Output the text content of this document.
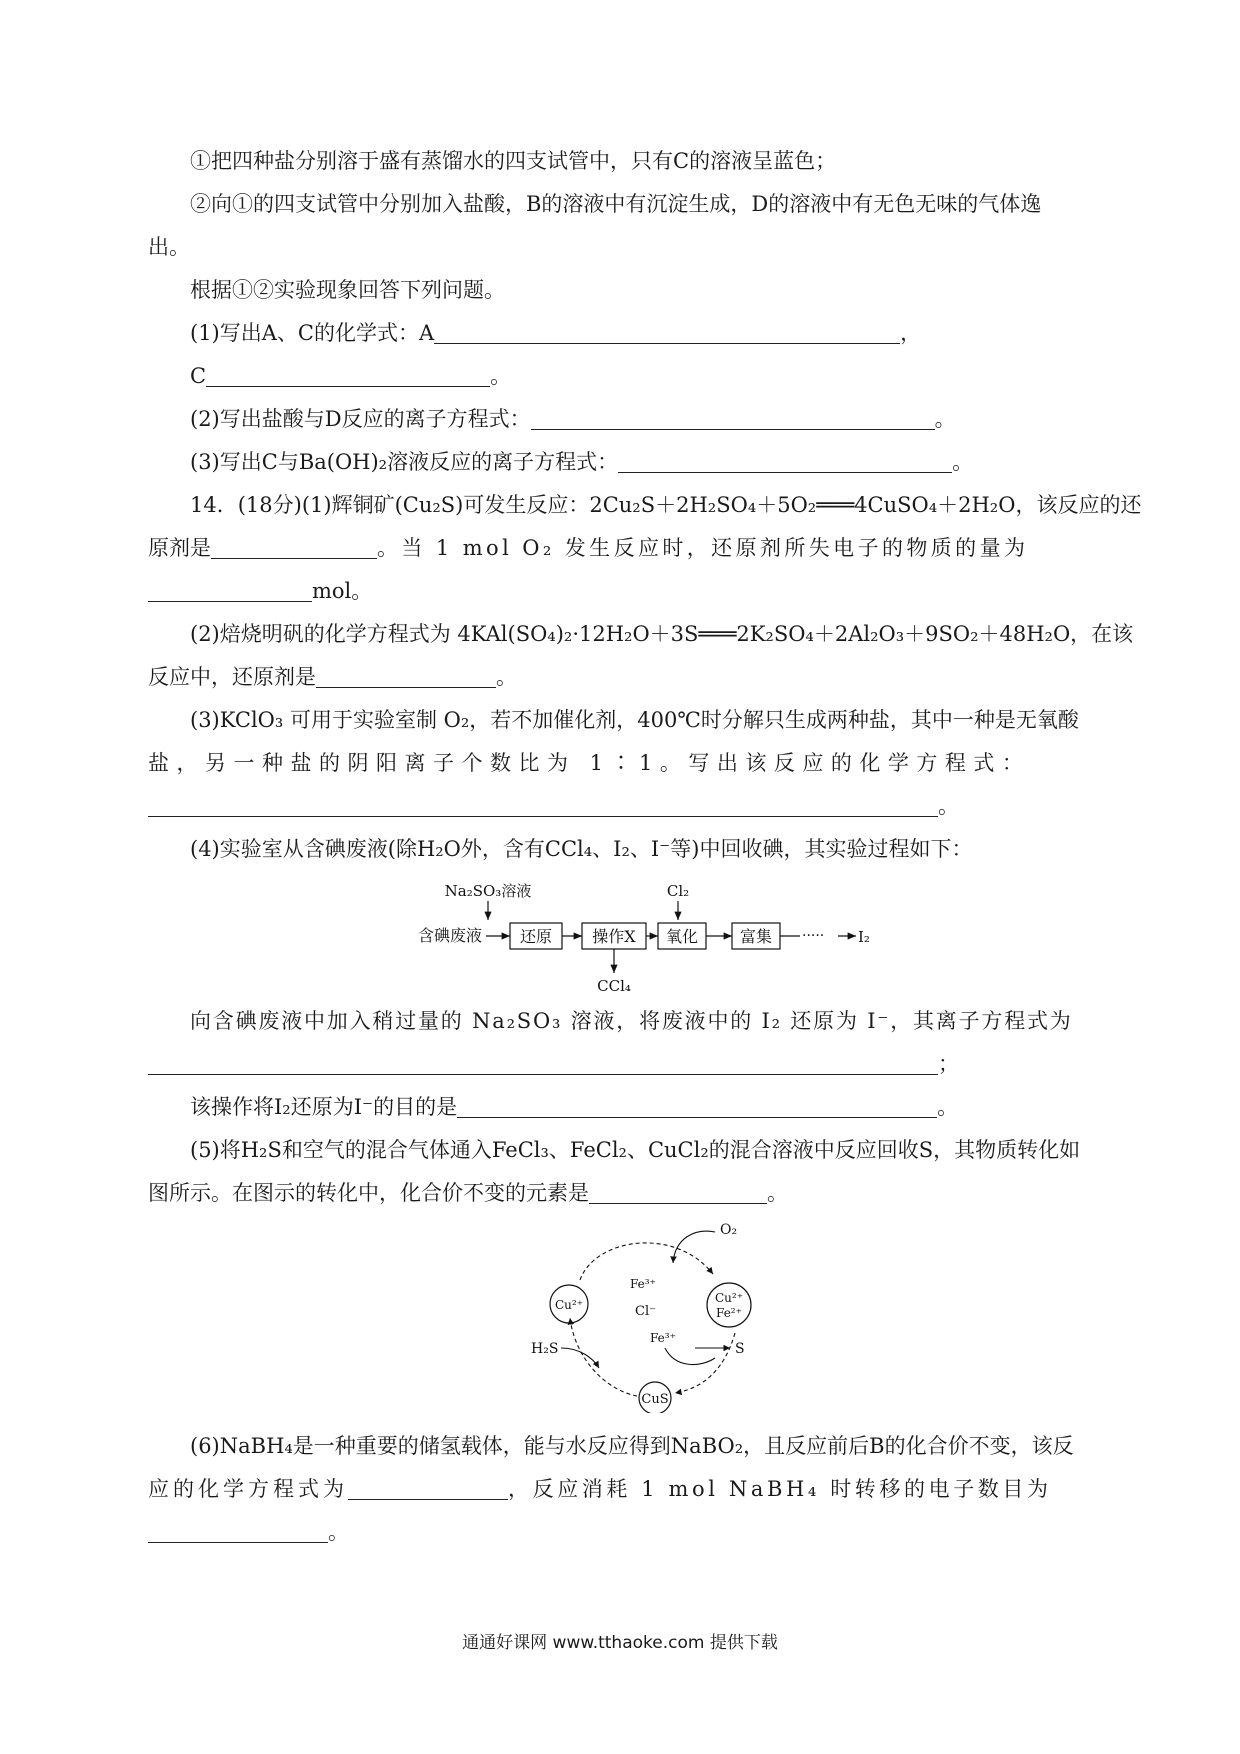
①把四种盐分别溶于盛有蒸馏水的四支试管中，只有C的溶液呈蓝色；
②向①的四支试管中分别加入盐酸，B的溶液中有沉淀生成，D的溶液中有无色无味的气体逸
出。
根据①②实验现象回答下列问题。
(1)写出A、C的化学式：A	，
C	。
(2)写出盐酸与D反应的离子方程式：	。
(3)写出C与Ba(OH)₂溶液反应的离子方程式：	。
14．(18分)(1)辉铜矿(Cu₂S)可发生反应：2Cu₂S＋2H₂SO₄＋5O₂═══4CuSO₄＋2H₂O，该反应的还
原剂是	。当 1 mol O₂ 发生反应时，还原剂所失电子的物质的量为
mol。
(2)焙烧明矾的化学方程式为 4KAl(SO₄)₂·12H₂O＋3S═══2K₂SO₄＋2Al₂O₃＋9SO₂＋48H₂O，在该
反应中，还原剂是	。
(3)KClO₃ 可用于实验室制 O₂，若不加催化剂，400℃时分解只生成两种盐，其中一种是无氧酸
盐，另一种盐的阴阳离子个数比为 1∶1。写出该反应的化学方程式：
。
(4)实验室从含碘废液(除H₂O外，含有CCl₄、I₂、I⁻等)中回收碘，其实验过程如下：
Na₂SO₃溶液	Cl₂
含碘废液 还原	操作X
CCl₄
氧化	富集 ····· I₂
向含碘废液中加入稍过量的 Na₂SO₃ 溶液，将废液中的 I₂ 还原为 I⁻，其离子方程式为
；
该操作将I₂还原为I⁻的目的是	。
(5)将H₂S和空气的混合气体通入FeCl₃、FeCl₂、CuCl₂的混合溶液中反应回收S，其物质转化如
图所示。在图示的转化中，化合价不变的元素是	。
O₂
Cu²⁺	Cu²⁺
Fe²⁺
Fe³⁺
Cl⁻
Fe³⁺
S
H₂S
CuS
(6)NaBH₄是一种重要的储氢载体，能与水反应得到NaBO₂，且反应前后B的化合价不变，该反
应的化学方程式为	，反应消耗 1 mol NaBH₄ 时转移的电子数目为
。
通通好课网 www.tthaoke.com 提供下载
